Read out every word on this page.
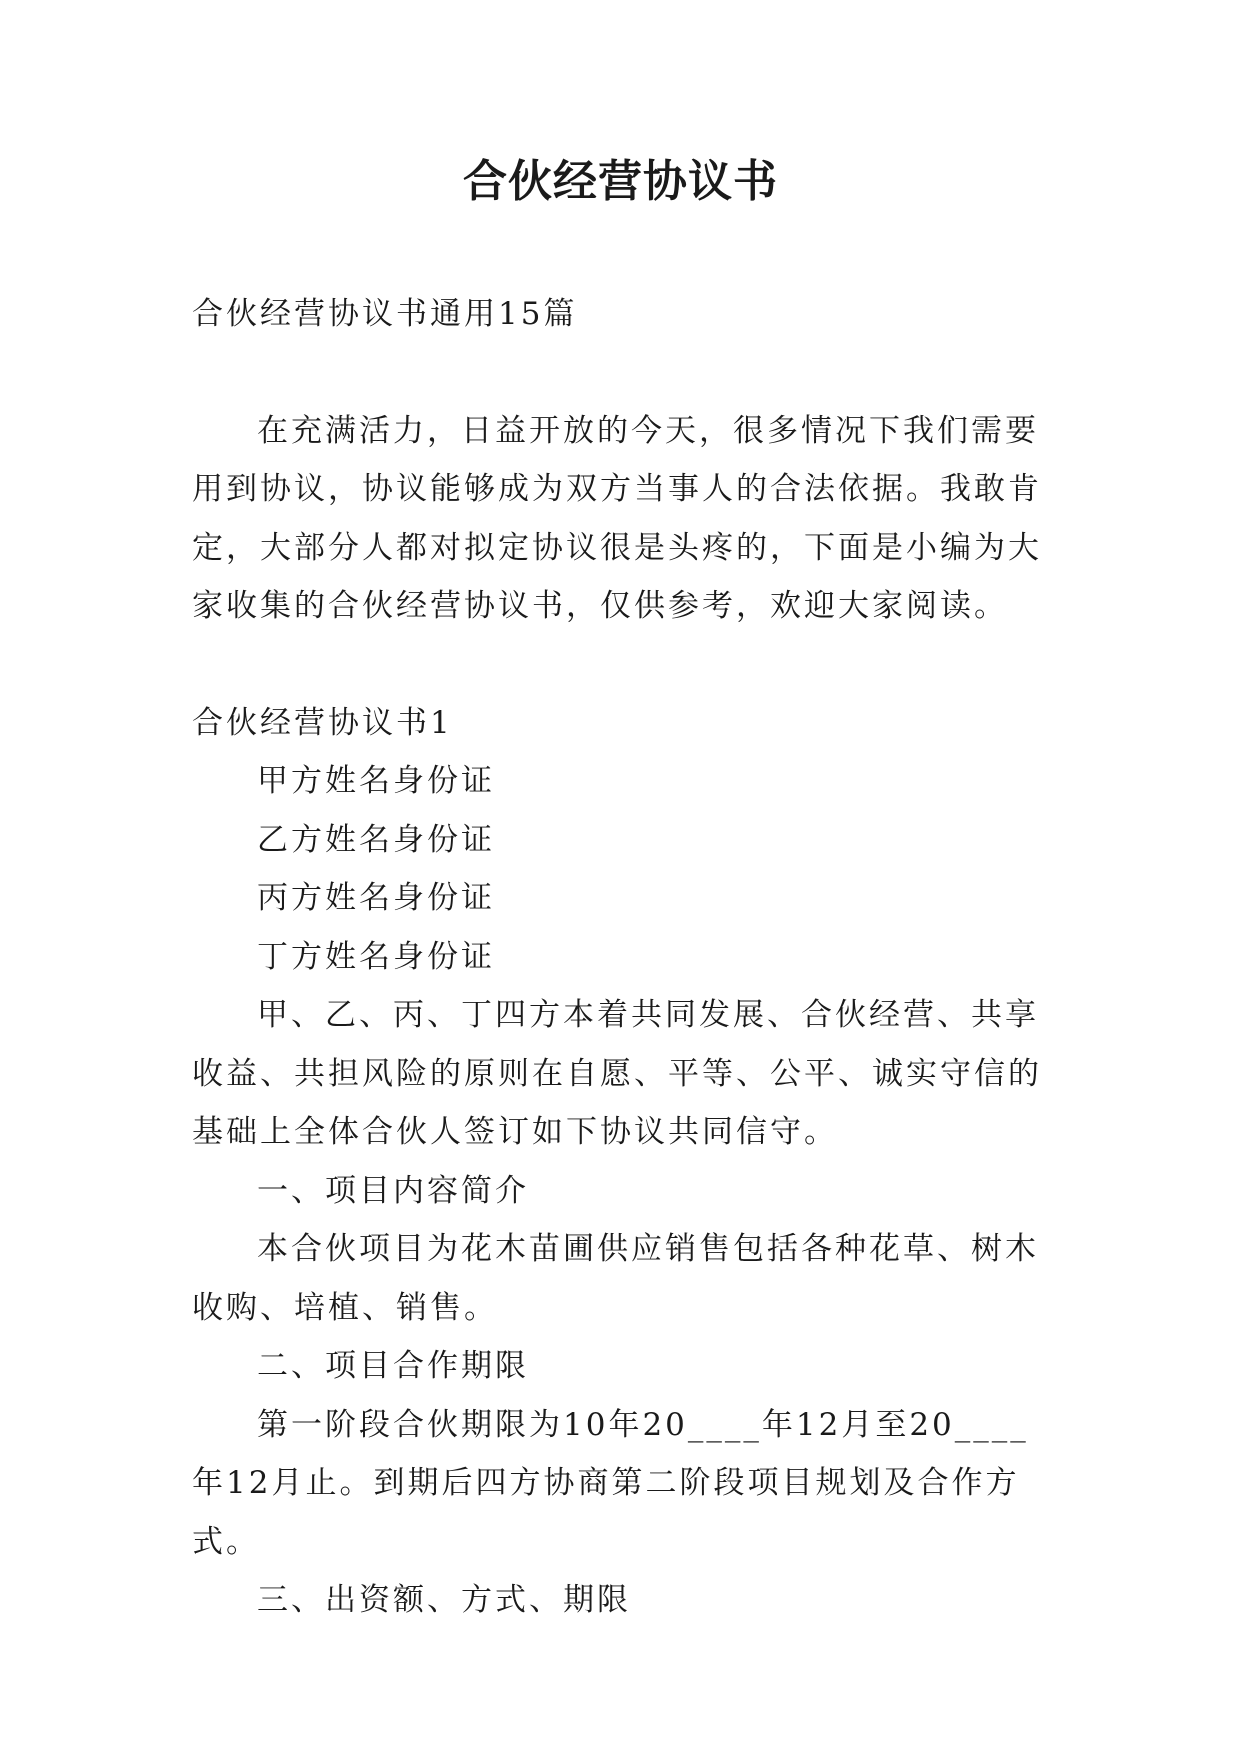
合伙经营协议书

合伙经营协议书通用15篇

在充满活力，日益开放的今天，很多情况下我们需要用到协议，协议能够成为双方当事人的合法依据。我敢肯定，大部分人都对拟定协议很是头疼的，下面是小编为大家收集的合伙经营协议书，仅供参考，欢迎大家阅读。

合伙经营协议书1

甲方姓名身份证

乙方姓名身份证

丙方姓名身份证

丁方姓名身份证

甲、乙、丙、丁四方本着共同发展、合伙经营、共享收益、共担风险的原则在自愿、平等、公平、诚实守信的基础上全体合伙人签订如下协议共同信守。

一、项目内容简介

本合伙项目为花木苗圃供应销售包括各种花草、树木收购、培植、销售。

二、项目合作期限

第一阶段合伙期限为10年20____年12月至20____年12月止。到期后四方协商第二阶段项目规划及合作方式。

三、出资额、方式、期限
